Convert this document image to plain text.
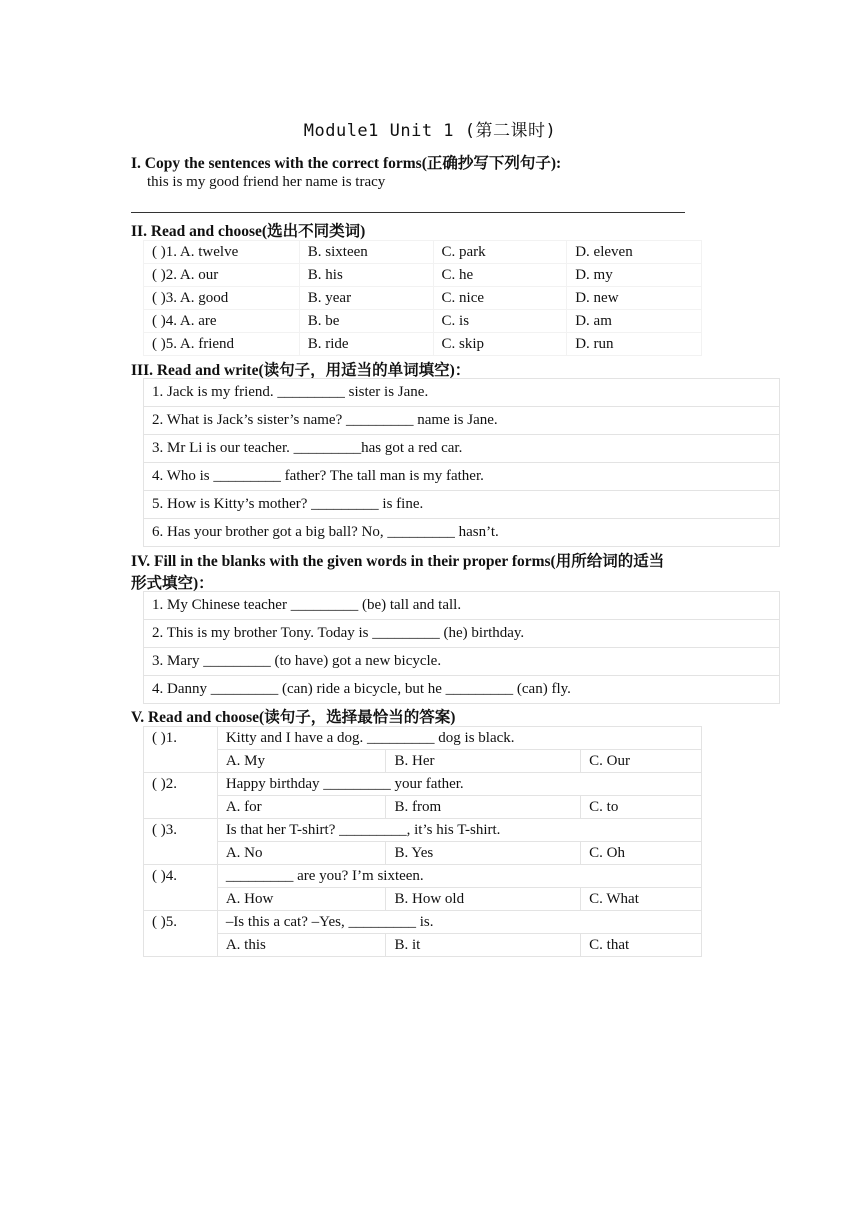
Module1 Unit 1 (第二课时)
I. Copy the sentences with the correct forms(正确抄写下列句子):
this is my good friend her name is tracy
II. Read and choose(选出不同类词)
( )1. A. twelve	B. sixteen	C. park	D. eleven
( )2. A. our	B. his	C. he	D. my
( )3. A. good	B. year	C. nice	D. new
( )4. A. are	B. be	C. is	D. am
( )5. A. friend	B. ride	C. skip	D. run
III. Read and write(读句子，用适当的单词填空)：
1. Jack is my friend. _________ sister is Jane.
2. What is Jack’s sister’s name? _________ name is Jane.
3. Mr Li is our teacher. _________has got a red car.
4. Who is _________ father? The tall man is my father.
5. How is Kitty’s mother? _________ is fine.
6. Has your brother got a big ball? No, _________ hasn’t.
IV. Fill in the blanks with the given words in their proper forms(用所给词的适当
形式填空)：
1. My Chinese teacher _________ (be) tall and tall.
2. This is my brother Tony. Today is _________ (he) birthday.
3. Mary _________ (to have) got a new bicycle.
4. Danny _________ (can) ride a bicycle, but he _________ (can) fly.
V. Read and choose(读句子，选择最恰当的答案)
( )1.	Kitty and I have a dog. _________ dog is black.		
	A. My	B. Her	C. Our
( )2.	Happy birthday _________ your father.		
	A. for	B. from	C. to
( )3.	Is that her T-shirt? _________, it’s his T-shirt.		
	A. No	B. Yes	C. Oh
( )4.	_________ are you? I’m sixteen.		
	A. How	B. How old	C. What
( )5.	–Is this a cat? –Yes, _________ is.		
	A. this	B. it	C. that
